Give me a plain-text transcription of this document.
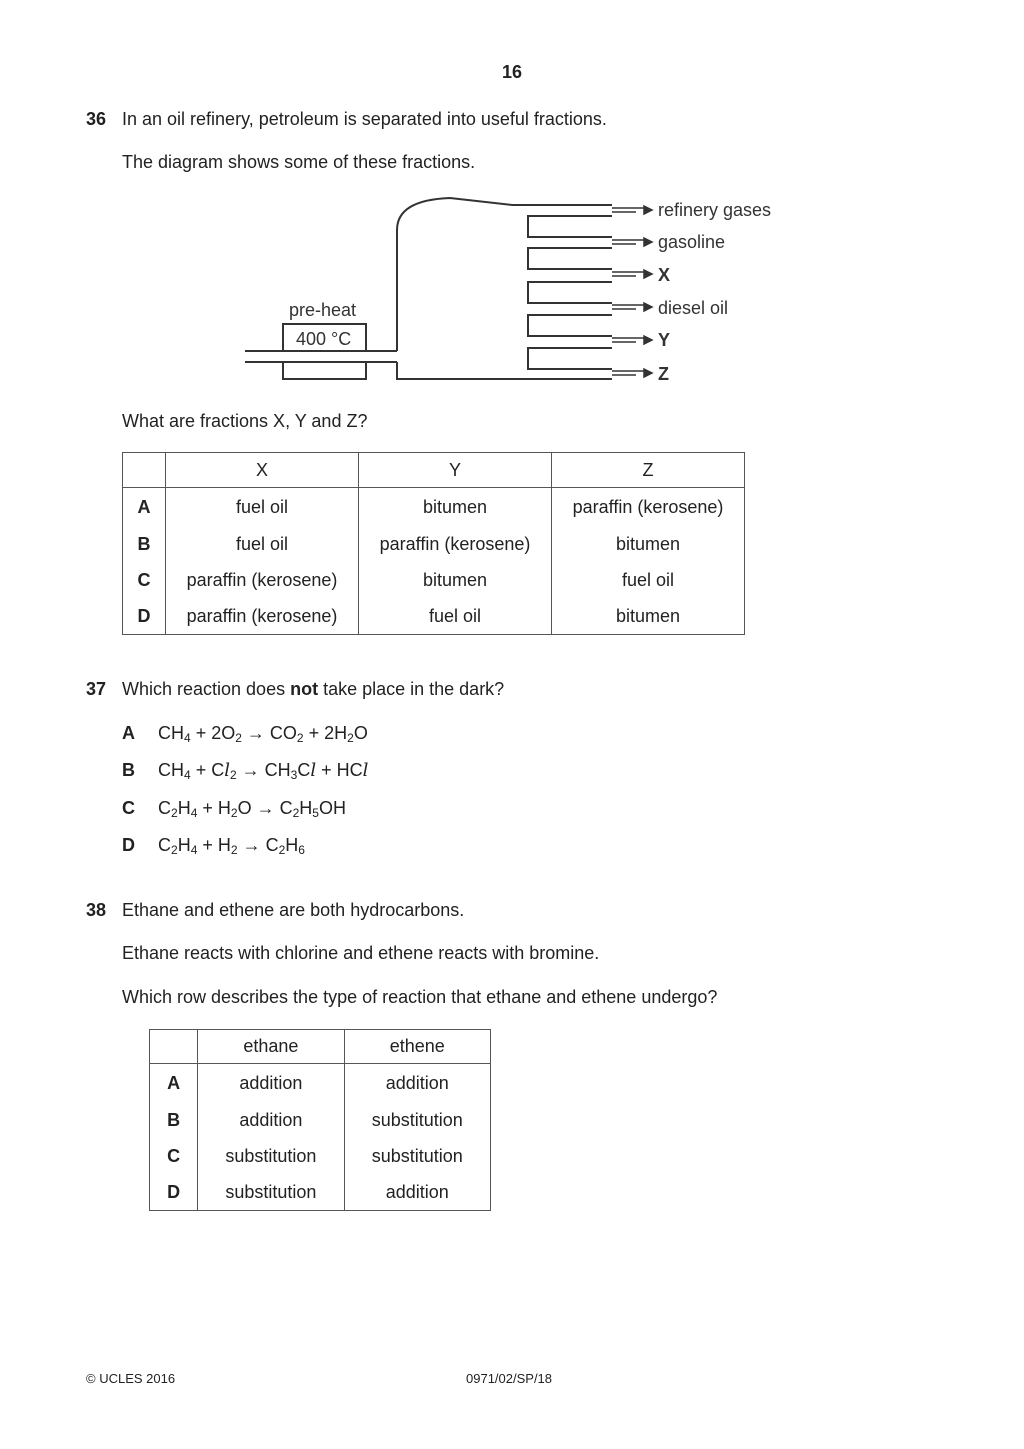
16
36 In an oil refinery, petroleum is separated into useful fractions.
The diagram shows some of these fractions.
pre-heat
400 °C
refinery gases
gasoline
X
diesel oil
Y
Z
What are fractions X, Y and Z?
	X	Y	Z
A	fuel oil	bitumen	paraffin (kerosene)
B	fuel oil	paraffin (kerosene)	bitumen
C	paraffin (kerosene)	bitumen	fuel oil
D	paraffin (kerosene)	fuel oil	bitumen
37 Which reaction does not take place in the dark?
A $CH_4 + 2O_2 \to CO_2 + 2H_2O$
B $CH_4 + Cl_2 \to CH_3Cl$ + HCl
C $C_2H_4 + H_2O \to C_2H_5OH$
D $C_2H_4 + H_2 \to C_2H_6$
38 Ethane and ethene are both hydrocarbons.
Ethane reacts with chlorine and ethene reacts with bromine.
Which row describes the type of reaction that ethane and ethene undergo?
	ethane	ethene
A	addition	addition
B	addition	substitution
C	substitution	substitution
D	substitution	addition
© UCLES 2016	0971/02/SP/18
